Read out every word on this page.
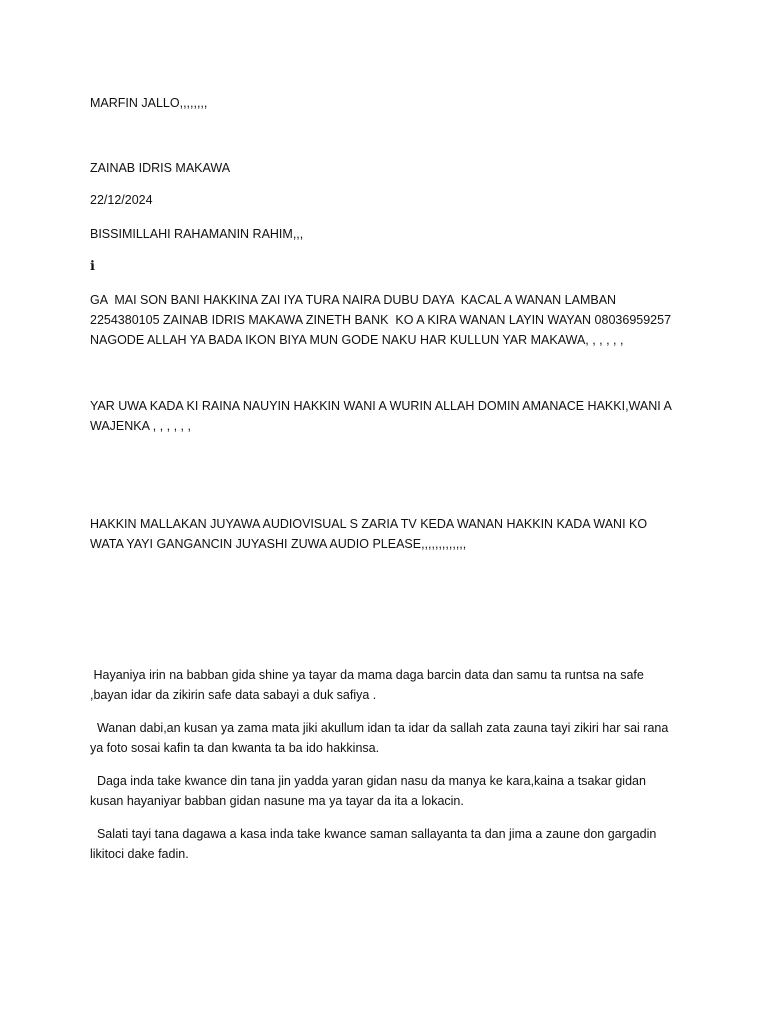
MARFIN JALLO,,,,,,,,
ZAINAB IDRIS MAKAWA
22/12/2024
BISSIMILLAHI RAHAMANIN RAHIM,,,
ℹ
GA  MAI SON BANI HAKKINA ZAI IYA TURA NAIRA DUBU DAYA  KACAL A WANAN LAMBAN 2254380105 ZAINAB IDRIS MAKAWA ZINETH BANK  KO A KIRA WANAN LAYIN WAYAN 08036959257 NAGODE ALLAH YA BADA IKON BIYA MUN GODE NAKU HAR KULLUN YAR MAKAWA, , , , , ,
YAR UWA KADA KI RAINA NAUYIN HAKKIN WANI A WURIN ALLAH DOMIN AMANACE HAKKI,WANI A WAJENKA , , , , , ,
HAKKIN MALLAKAN JUYAWA AUDIOVISUAL S ZARIA TV KEDA WANAN HAKKIN KADA WANI KO WATA YAYI GANGANCIN JUYASHI ZUWA AUDIO PLEASE,,,,,,,,,,,,,
Hayaniya irin na babban gida shine ya tayar da mama daga barcin data dan samu ta runtsa na safe ,bayan idar da zikirin safe data sabayi a duk safiya .
Wanan dabi,an kusan ya zama mata jiki akullum idan ta idar da sallah zata zauna tayi zikiri har sai rana ya foto sosai kafin ta dan kwanta ta ba ido hakkinsa.
Daga inda take kwance din tana jin yadda yaran gidan nasu da manya ke kara,kaina a tsakar gidan kusan hayaniyar babban gidan nasune ma ya tayar da ita a lokacin.
Salati tayi tana dagawa a kasa inda take kwance saman sallayanta ta dan jima a zaune don gargadin likitoci dake fadin.
